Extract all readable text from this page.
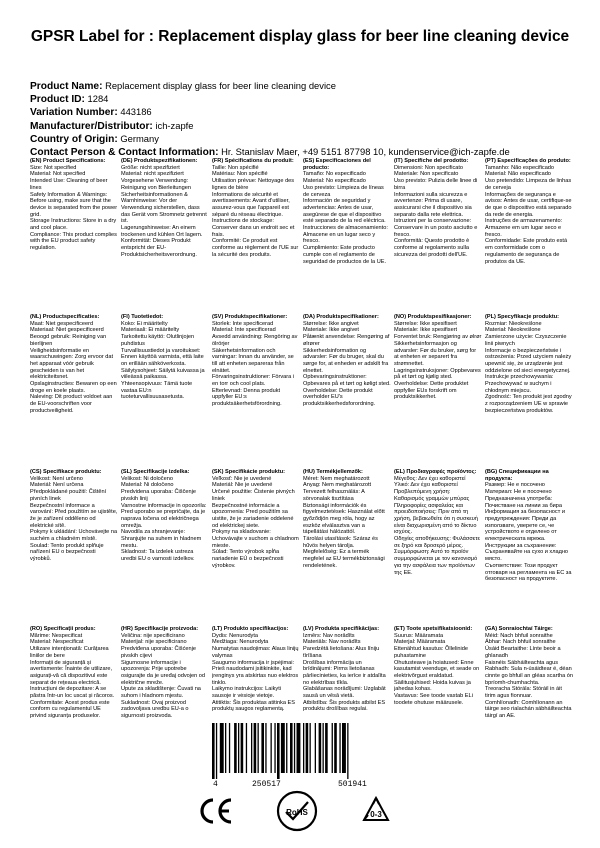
GPSR Label for : Replacement display glass for beer line cleaning device
Product Name: Replacement display glass for beer line cleaning device
Product ID: 1284
Variation Number: 443186
Manufacturer/Distributor: ich-zapfe
Country of Origin: Germany
Contact Person & Contact Information: Hr. Stanislav Maer, +49 5151 87798 10, kundenservice@ich-zapfe.de

(EN) Product Specifications:

Size: Not specified
Material: Not specified
Intended Use: Cleaning of beer lines
Safety Information & Warnings: Before using, make sure that the device is separated from the power grid.
Storage Instructions: Store in a dry and cool place.
Compliance: This product complies with the EU product safety regulation.

(DE) Produktspezifikationen:

Größe: nicht spezifiziert
Material: nicht spezifiziert
Vorgesehene Verwendung: Reinigung von Bierleitungen
Sicherheitsinformationen & Warnhinweise: Vor der Verwendung sicherstellen, dass das Gerät vom Stromnetz getrennt ist.
Lagerungshinweise: An einem trockenen und kühlen Ort lagern.
Konformität: Dieses Produkt entspricht der EU-Produktsicherheitsverordnung.

(FR) Spécifications du produit:

Taille: Non spécifié
Matériau: Non spécifié
Utilisation prévue: Nettoyage des lignes de bière
Informations de sécurité et avertissements: Avant d'utiliser, assurez-vous que l'appareil est séparé du réseau électrique.
Instructions de stockage: Conserver dans un endroit sec et frais.
Conformité: Ce produit est conforme au règlement de l'UE sur la sécurité des produits.

(ES) Especificaciones del producto:

Tamaño: No especificado
Material: No especificado
Uso previsto: Limpieza de líneas de cerveza
Información de seguridad y advertencias: Antes de usar, asegúrese de que el dispositivo esté separado de la red eléctrica.
Instrucciones de almacenamiento: Almacene en un lugar seco y fresco.
Cumplimiento: Este producto cumple con el reglamento de seguridad de productos de la UE.

(IT) Specifiche del prodotto:

Dimensioni: Non specificato
Materiale: Non specificato
Uso previsto: Pulizia delle linee di birra
Informazioni sulla sicurezza e avvertenze: Prima di usare, assicurarsi che il dispositivo sia separato dalla rete elettrica.
Istruzioni per la conservazione: Conservare in un posto asciutto e fresco.
Conformità: Questo prodotto è conforme al regolamento sulla sicurezza dei prodotti dell'UE.

(PT) Especificações do produto:

Tamanho: Não especificado
Material: Não especificado
Uso pretendido: Limpeza de linhas de cerveja
Informações de segurança e avisos: Antes de usar, certifique-se de que o dispositivo está separado da rede de energia.
Instruções de armazenamento: Armazene em um lugar seco e fresco.
Conformidade: Este produto está em conformidade com o regulamento de segurança de produtos da UE.

(NL) Productspecificaties:

Maat: Niet gespecificeerd
Materiaal: Niet gespecificeerd
Beoogd gebruik: Reiniging van bierlijnen
Veiligheidsinformatie en waarschuwingen: Zorg ervoor dat het apparaat vóór gebruik gescheiden is van het elektriciteitsnet.
Opslaginstructies: Bewaren op een droge en koele plaats.
Naleving: Dit product voldoet aan de EU-voorschriften voor productveiligheid.

(FI) Tuotetiedot:

Koko: Ei määritelty
Materiaali: Ei määritelty
Tarkoitettu käyttö: Olutlinjojen puhdistus
Turvallisuustiedot ja varoitukset: Ennen käyttöä varmista, että laite on erillään sähköverkosta.
Säilytysohjeet: Säilytä kuivassa ja viileässä paikassa.
Yhteensopivuus: Tämä tuote vastaa EU:n tuoteturvallisuusasetusta.

(SV) Produktspecifikationer:

Storlek: Inte specificerad
Material: Inte specificerad
Avsedd användning: Rengöring av ölrörjer
Säkerhetsinformation och varningar: Innan du använder, se till att enheten separeras från elnätet.
Förvaringsinstruktioner: Förvara i en torr och cool plats.
Efterlevnad: Denna produkt uppfyller EU:s produktsäkerhetsförordning.

(DA) Produktspecifikationer:

Størrelse: Ikke angivet
Materiale: Ikke angivet
Påtænkt anvendelse: Rengøring af ølrører
Sikkerhedsinformation og advarsler: Før du bruger, skal du sørge for, at enheden er adskilt fra elnettet.
Opbevaringsinstruktioner: Opbevares på et tørt og køligt sted.
Overholdelse: Dette produkt overholder EU's produktsikkerhedsforordning.

(NO) Produktspesifikasjoner:

Størrelse: Ikke spesifisert
Materiale: Ikke spesifisert
Forventet bruk: Rengjøring av ølrør
Sikkerhetsinformasjon og advarsler: Før du bruker, sørg for at enheten er separert fra strømnettet.
Lagringsinstruksjoner: Oppbevares på et tørt og kjølig sted.
Overholdelse: Dette produktet oppfyller EUs forskrift om produktsikkerhet.

(PL) Specyfikacje produktu:

Rozmiar: Nieokreślone
Materiał: Nieokreślone
Zamierzone użycie: Czyszczenie linii piwnych
Informacje o bezpieczeństwie i ostrzeżenia: Przed użyciem należy upewnić się, że urządzenie jest oddzielone od sieci energetycznej.
Instrukcje przechowywania: Przechowywać w suchym i chłodnym miejscu.
Zgodność: Ten produkt jest zgodny z rozporządzeniem UE w sprawie bezpieczeństwa produktów.

(CS) Specifikace produktu:

Velikost: Není určeno
Materiál: Není určena
Předpokládané použití: Čištění pivních linek
Bezpečnostní informace a varování: Před použitím se ujistěte, že je zařízení odděleno od elektrické sítě.
Pokyny k ukládání: Uchovávejte na suchém a chladném místě.
Soulad: Tento produkt splňuje nařízení EU o bezpečnosti výrobků.

(SL) Specifikacije izdelka:

Velikost: Ni določeno
Material: Ni določeno
Predvidena uporaba: Čiščenje pivskih linij
Varnostne informacije in opozorila: Pred uporabo se prepričajte, da je naprava ločena od električnega omrežja.
Navodila za shranjevanje: Shranjujte na suhem in hladnem mestu.
Skladnost: Ta izdelek ustreza uredbi EU o varnosti izdelkov.

(SK) Špecifikácie produktu:

Veľkosť: Nie je uvedené
Materiál: Nie je uvedené
Určené použitie: Čistenie pivných liniek
Bezpečnostné informácie a upozornenia: Pred použitím sa uistite, že je zariadenie oddelené od elektrickej siete.
Pokyny na skladovanie: Uchovávajte v suchom a chladnom mieste.
Súlad: Tento výrobok spĺňa nariadenie EÚ o bezpečnosti výrobkov.

(HU) Termékjellemzők:

Méret: Nem meghatározott
Anyag: Nem meghatározott
Tervezett felhasználás: A sörvonalak tisztítása
Biztonsági információk és figyelmeztetések: Használat előtt győződjön meg róla, hogy az eszköz elválasztva van a tápellátási hálózattól.
Tárolási utasítások: Száraz és hűvös helyen tárolja.
Megfelelőség: Ez a termék megfelel az EU termékbiztonsági rendeletének.

(EL) Προδιαγραφές προϊόντος:

Μέγεθος: Δεν έχει καθοριστεί
Υλικό: Δεν έχει καθοριστεί
Προβλεπόμενη χρήση: Καθαρισμός γραμμών μπύρας
Πληροφορίες ασφαλείας και προειδοποιήσεις: Πριν από τη χρήση, βεβαιωθείτε ότι η συσκευή είναι διαχωρισμένη από το δίκτυο ισχύος.
Οδηγίες αποθήκευσης: Φυλάσσετε σε ξηρό και δροσερό μέρος.
Συμμόρφωση: Αυτό το προϊόν συμμορφώνεται με τον κανονισμό για την ασφάλεια των προϊόντων της ΕΕ.

(BG) Спецификации на продукта:

Размер: Не е посочено
Материал: Не е посочено
Предназначена употреба: Почистване на линии за бира
Информация за безопасност и предупреждения: Преди да използвате, уверете се, че устройството е отделено от електрическата мрежа.
Инструкции за съхранение: Съхранявайте на сухо и хладно място.
Съответствие: Този продукт отговаря на регламента на ЕС за безопасност на продуктите.

(RO) Specificații produs:

Mărime: Nespecificat
Material: Nespecificat
Utilizare intenționată: Curățarea liniilor de bere
Informații de siguranță și avertismente: Înainte de utilizare, asigurați-vă că dispozitivul este separat de rețeaua electrică.
Instrucțiuni de depozitare: A se păstra într-un loc uscat și răcoros.
Conformitate: Acest produs este conform cu regulamentul UE privind siguranța produselor.

(HR) Specifikacije proizvoda:

Veličina: nije specificirano
Materijal: nije specificirano
Predviđena uporaba: Čišćenje pivskih cijevi
Sigurnosne informacije i upozorenja: Prije upotrebe osigurajte da je uređaj odvojen od električne mreže.
Upute za skladištenje: Čuvati na suhom i hladnom mjestu.
Sukladnost: Ovaj proizvod zadovoljava uredbu EU-a o sigurnosti proizvoda.

(LT) Produkto specifikacijos:

Dydis: Nenurodyta
Medžiaga: Nenurodyta
Numatytas naudojimas: Alaus linijų valymas
Saugumo informacija ir įspėjimai: Prieš naudodami įsitikinkite, kad įrenginys yra atskirtas nuo elektros tinklo.
Laikymo instrukcijos: Laikyti sausoje ir vėsioje vietoje.
Atitiktis: Šis produktas atitinka ES produktų saugos reglamentą.

(LV) Produkta specifikācijas:

Izmērs: Nav norādīts
Materiāls: Nav norādīts
Paredzētā lietošana: Alus līniju tīrīšana
Drošības informācija un brīdinājumi: Pirms lietošanas pārliecinieties, ka ierīce ir atdalīta no elektrības tīkla.
Glabāšanas norādījumi: Uzglabāt sausā un vēsā vietā.
Atbilstība: Šis produkts atbilst ES produktu drošības regulai.

(ET) Toote spetsifikatsioonid:

Suurus: Määramata
Materjal: Määramata
Ettenähtud kasutus: Õllelinide puhastamine
Ohutusteave ja hoiatused: Enne kasutamist veenduge, et seade on elektrivõrgust eraldatud.
Säilitusjuhised: Hoida kuivas ja jahedas kohas.
Vastavus: See toode vastab ELi toodete ohutuse määrusele.

(GA) Sonraíochtaí Táirge:

Méid: Nach bhfuil sonraithe
Ábhar: Nach bhfuil sonraithe
Úsáid Beartaithe: Línte beoir a ghlanadh
Faisnéis Sábháilteachta agus Rabhadh: Sula n-úsáidtear é, déan cinnte go bhfuil an gléas scartha ón bpríomh-chumhachta.
Treoracha Stórála: Stóráil in áit tirim agus fionnuar.
Comhlíonadh: Comhlíonann an táirge seo rialachán sábháilteachta táirgí an AE.

4	250517	501941
RoHS	0-3
